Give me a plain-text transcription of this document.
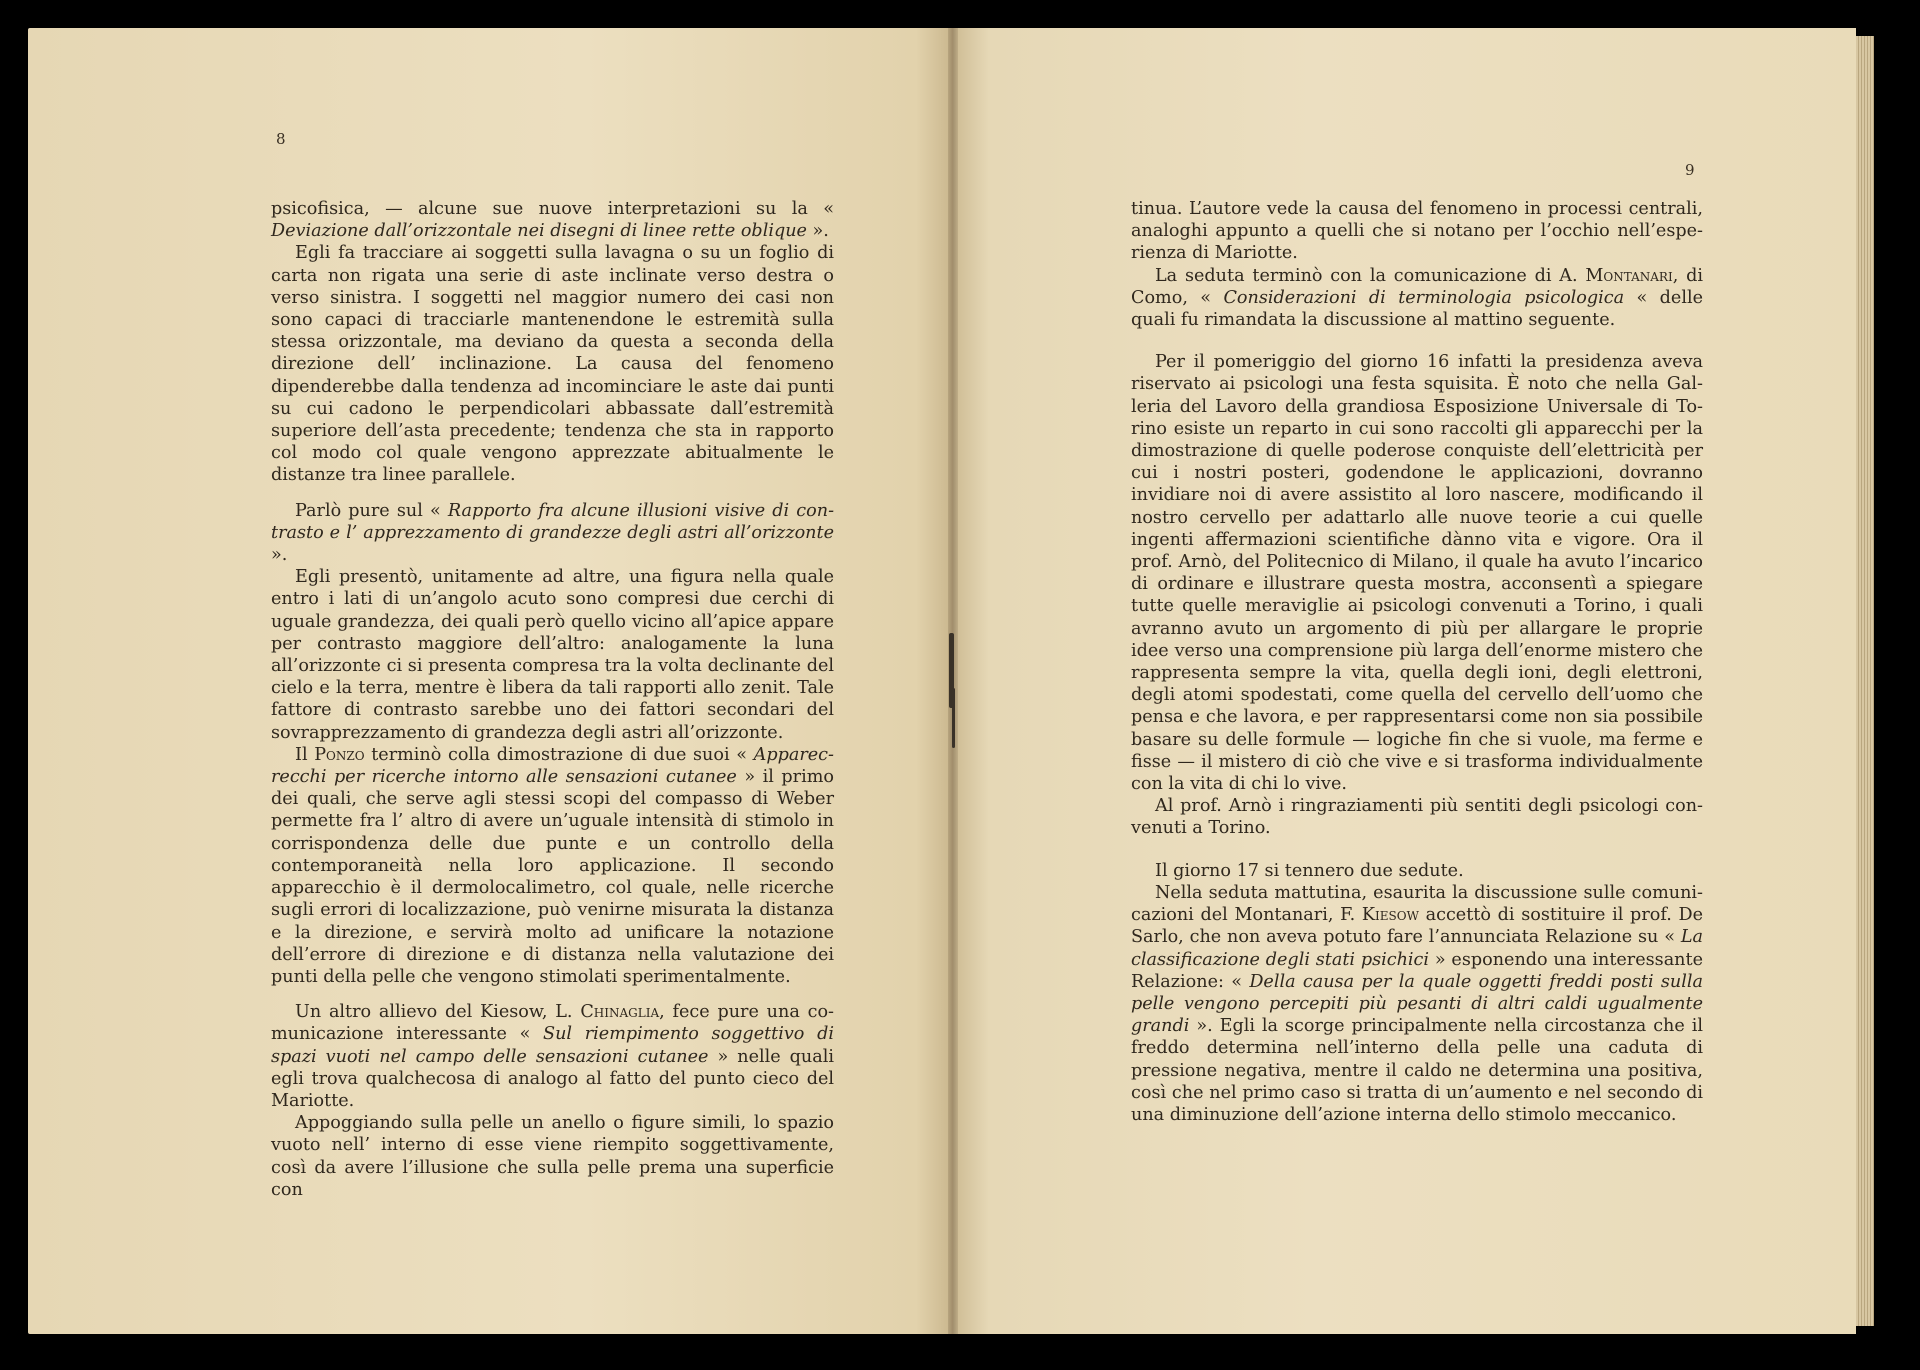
8

psicofisica, — alcune sue nuove interpretazioni su la « Deviazione dall’orizzontale nei disegni di linee rette oblique ».

Egli fa tracciare ai soggetti sulla lavagna o su un foglio di carta non rigata una serie di aste inclinate verso destra o verso sinistra. I soggetti nel maggior numero dei casi non sono capaci di tracciarle mantenendone le estremità sulla stessa orizzontale, ma deviano da questa a seconda della direzione dell’ inclinazione. La causa del fenomeno dipenderebbe dalla tendenza ad incominciare le aste dai punti su cui cadono le perpendicolari abbassate dall’estremità superiore dell’asta precedente; tendenza che sta in rapporto col modo col quale vengono apprezzate abitualmente le distanze tra linee parallele.

Parlò pure sul « Rapporto fra alcune illusioni visive di contrasto e l’ apprezzamento di grandezze degli astri all’orizzonte ».

Egli presentò, unitamente ad altre, una figura nella quale entro i lati di un’angolo acuto sono compresi due cerchi di uguale grandezza, dei quali però quello vicino all’apice appare per contrasto maggiore dell’altro: analogamente la luna all’orizzonte ci si presenta compresa tra la volta declinante del cielo e la terra, mentre è libera da tali rapporti allo zenit. Tale fattore di contrasto sarebbe uno dei fattori secondari del sovrapprezzamento di grandezza degli astri all’orizzonte.

Il Ponzo terminò colla dimostrazione di due suoi « Apparecrecchi per ricerche intorno alle sensazioni cutanee » il primo dei quali, che serve agli stessi scopi del compasso di Weber permette fra l’ altro di avere un’uguale intensità di stimolo in corrispondenza delle due punte e un controllo della contemporaneità nella loro applicazione. Il secondo apparecchio è il dermolocalimetro, col quale, nelle ricerche sugli errori di localizzazione, può venirne misurata la distanza e la direzione, e servirà molto ad unificare la notazione dell’errore di direzione e di distanza nella valutazione dei punti della pelle che vengono stimolati sperimentalmente.

Un altro allievo del Kiesow, L. Chinaglia, fece pure una comunicazione interessante « Sul riempimento soggettivo di spazi vuoti nel campo delle sensazioni cutanee » nelle quali egli trova qualchecosa di analogo al fatto del punto cieco del Mariotte.

Appoggiando sulla pelle un anello o figure simili, lo spazio vuoto nell’ interno di esse viene riempito soggettivamente, così da avere l’illusione che sulla pelle prema una superficie con

9

tinua. L’autore vede la causa del fenomeno in processi centrali, analoghi appunto a quelli che si notano per l’occhio nell’esperienza di Mariotte.

La seduta terminò con la comunicazione di A. Montanari, di Como, « Considerazioni di terminologia psicologica « delle quali fu rimandata la discussione al mattino seguente.

Per il pomeriggio del giorno 16 infatti la presidenza aveva riservato ai psicologi una festa squisita. È noto che nella Galleria del Lavoro della grandiosa Esposizione Universale di Torino esiste un reparto in cui sono raccolti gli apparecchi per la dimostrazione di quelle poderose conquiste dell’elettricità per cui i nostri posteri, godendone le applicazioni, dovranno invidiare noi di avere assistito al loro nascere, modificando il nostro cervello per adattarlo alle nuove teorie a cui quelle ingenti affermazioni scientifiche dànno vita e vigore. Ora il prof. Arnò, del Politecnico di Milano, il quale ha avuto l’incarico di ordinare e illustrare questa mostra, acconsentì a spiegare tutte quelle meraviglie ai psicologi convenuti a Torino, i quali avranno avuto un argomento di più per allargare le proprie idee verso una comprensione più larga dell’enorme mistero che rappresenta sempre la vita, quella degli ioni, degli elettroni, degli atomi spodestati, come quella del cervello dell’uomo che pensa e che lavora, e per rappresentarsi come non sia possibile basare su delle formule — logiche fin che si vuole, ma ferme e fisse — il mistero di ciò che vive e si trasforma individualmente con la vita di chi lo vive.

Al prof. Arnò i ringraziamenti più sentiti degli psicologi convenuti a Torino.

Il giorno 17 si tennero due sedute.

Nella seduta mattutina, esaurita la discussione sulle comunicazioni del Montanari, F. Kiesow accettò di sostituire il prof. De Sarlo, che non aveva potuto fare l’annunciata Relazione su « La classificazione degli stati psichici » esponendo una interessante Relazione: « Della causa per la quale oggetti freddi posti sulla pelle vengono percepiti più pesanti di altri caldi ugualmente grandi ». Egli la scorge principalmente nella circostanza che il freddo determina nell’interno della pelle una caduta di pressione negativa, mentre il caldo ne determina una positiva, così che nel primo caso si tratta di un’aumento e nel secondo di una diminuzione dell’azione interna dello stimolo meccanico.
